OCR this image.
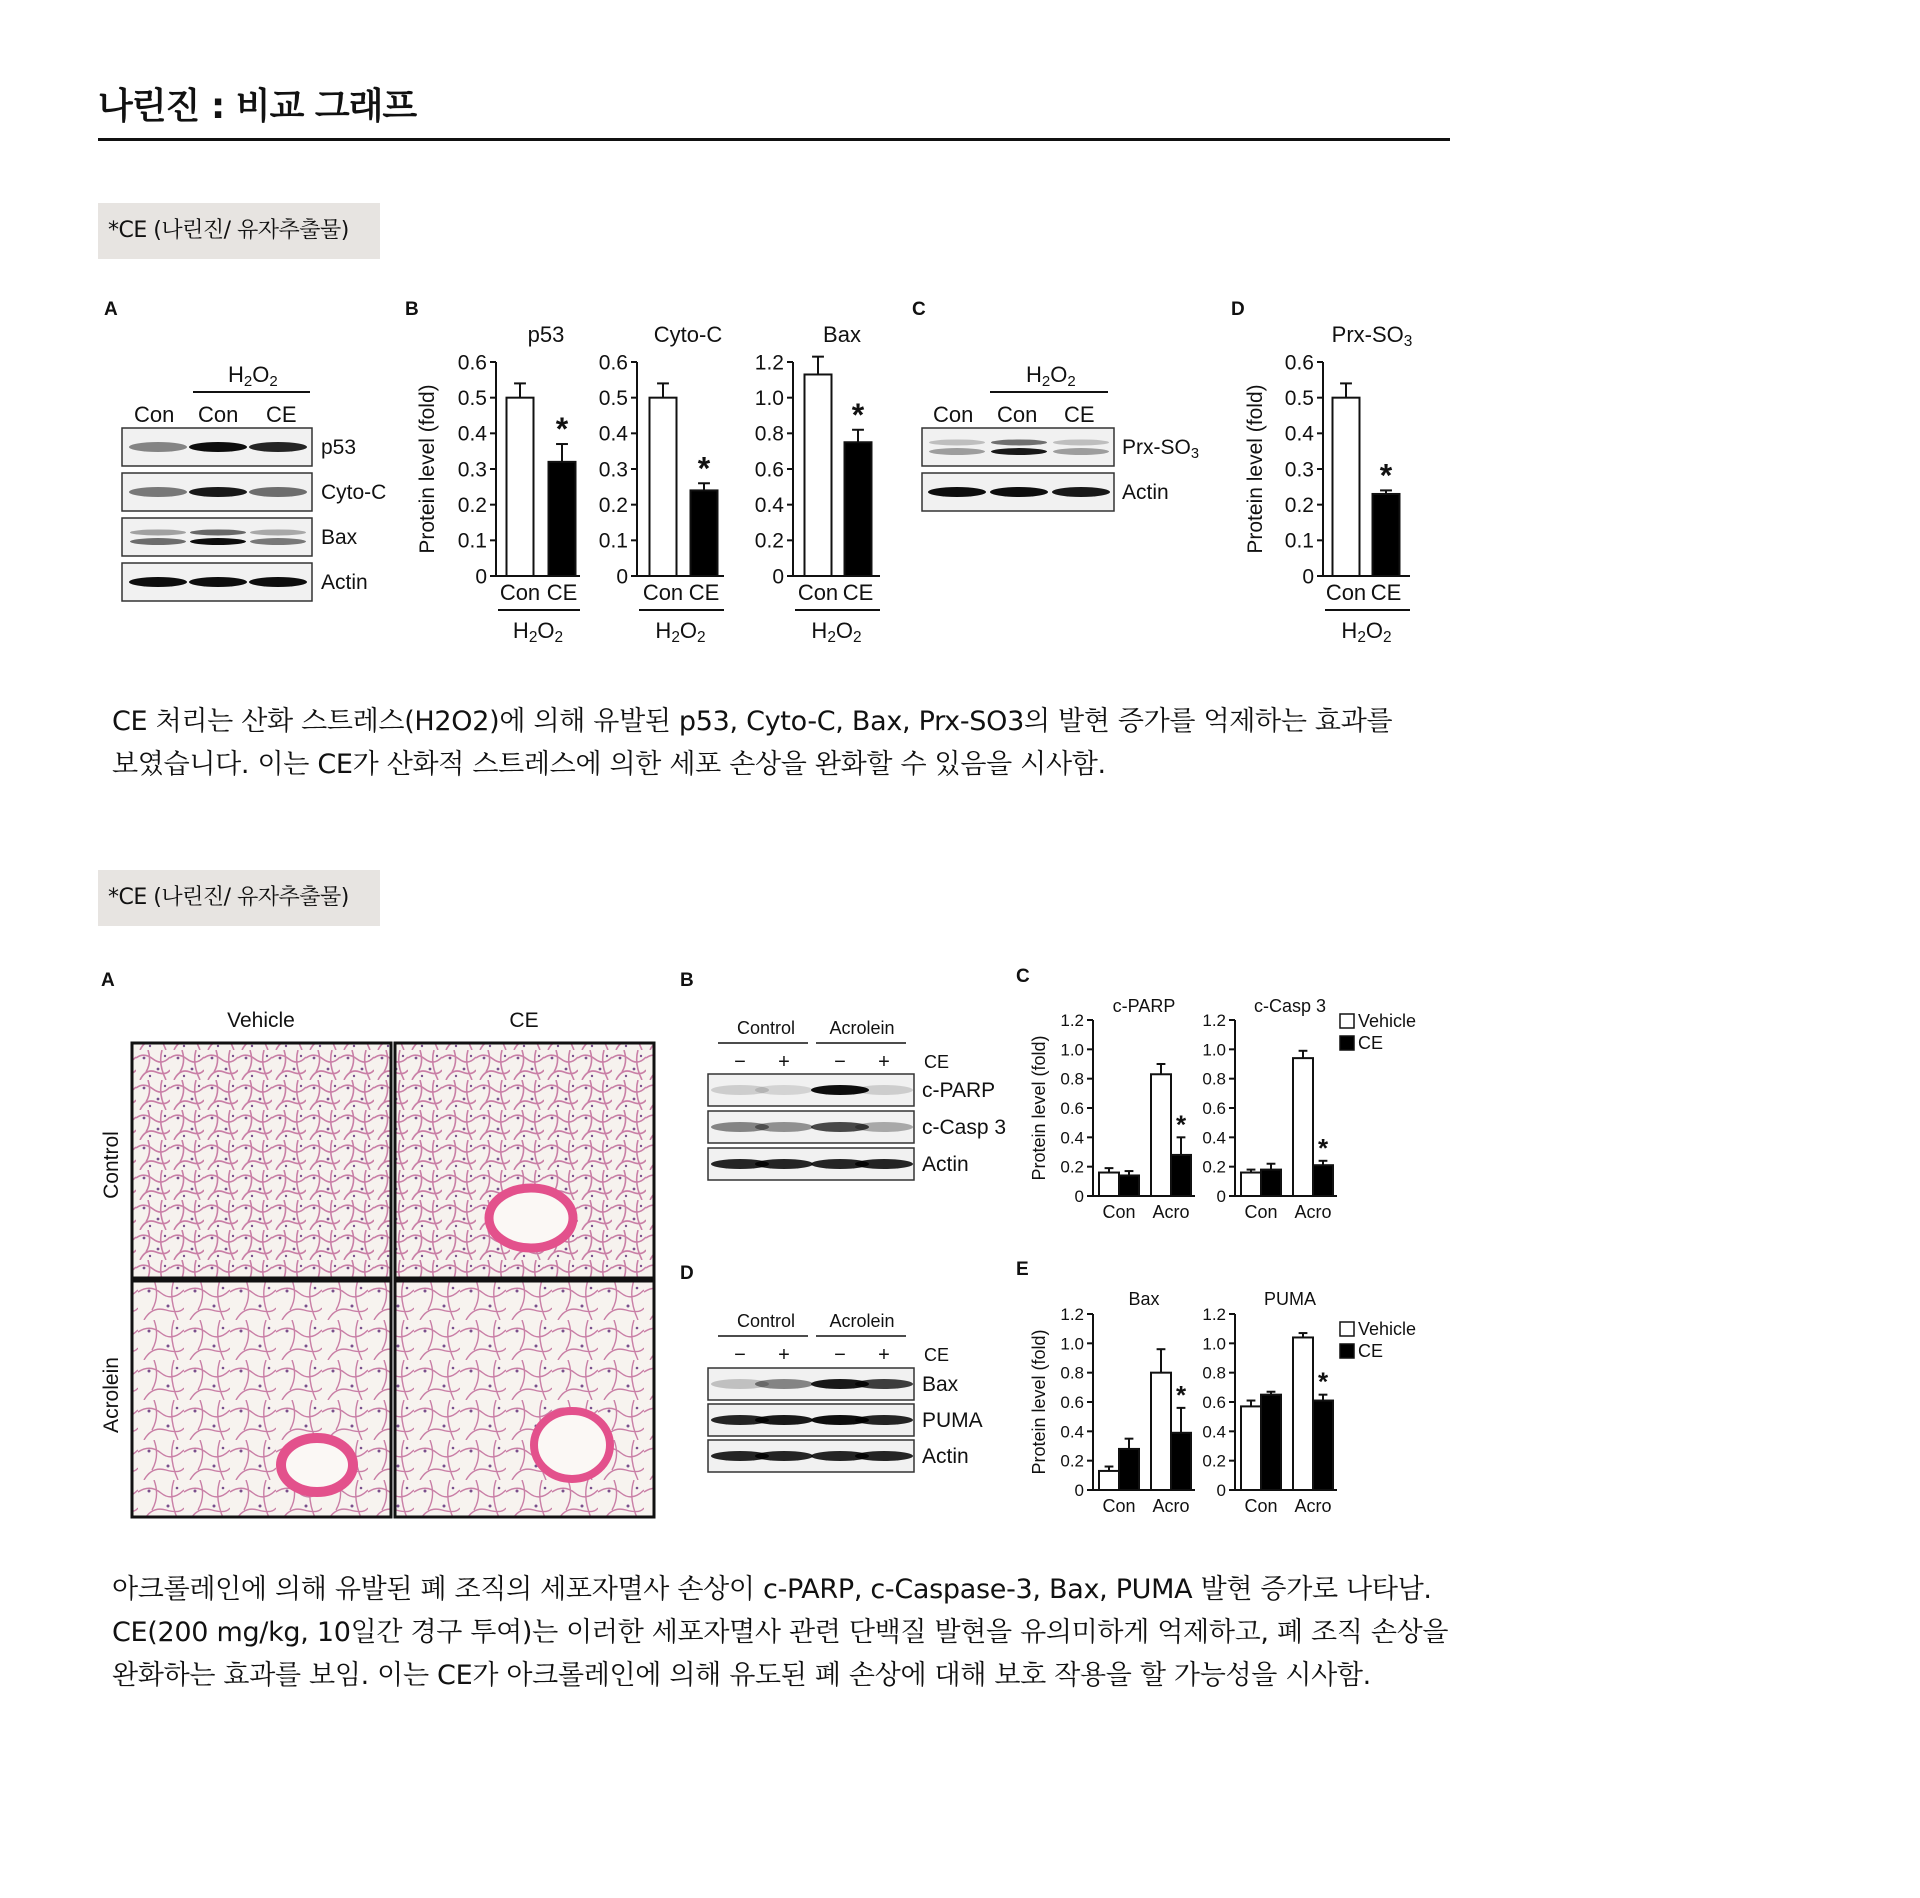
나린진 : 비교 그래프
*CE (나린진/ 유자추출물)
A	B	C	D
H2O2
Con Con CE
p53
Cyto-C
Bax
Actin
H2O2
Con Con CE
Prx-SO3
Actin
0
0.1
0.2
0.3
0.4
0.5
0.6
p53
Protein level (fold)	*
Con CE
H2O2
0
0.1
0.2
0.3
0.4
0.5
0.6
Cyto-C
*
Con CE
H2O2
0
0.2
0.4
0.6
0.8
1.0
1.2
Bax
*
Con CE
H2O2
0
0.1
0.2
0.3
0.4
0.5
0.6
Prx-SO3
Protein level (fold)	*
Con CE
H2O2
CE 처리는 산화 스트레스(H2O2)에 의해 유발된 p53, Cyto-C, Bax, Prx-SO3의 발현 증가를 억제하는 효과를
보였습니다. 이는 CE가 산화적 스트레스에 의한 세포 손상을 완화할 수 있음을 시사함.
*CE (나린진/ 유자추출물)
A	B	C
D	E
Vehicle	CE
Control
Acrolein
Control Acrolein
− + − + CE
c-PARP
c-Casp 3
Actin
Control Acrolein
− + − + CE
Bax
PUMA
Actin
0
0.2
0.4
0.6
0.8
1.0
1.2
c-PARP
Protein level (fold)
Con
*
Acro
0
0.2
0.4
0.6
0.8
1.0
1.2
c-Casp 3
Con
*
Acro
Vehicle
CE
0
0.2
0.4
0.6
0.8
1.0
1.2
Bax
Protein level (fold)
Con
*
Acro
0
0.2
0.4
0.6
0.8
1.0
1.2
PUMA
Con
*
Acro
Vehicle
CE
아크롤레인에 의해 유발된 폐 조직의 세포자멸사 손상이 c-PARP, c-Caspase-3, Bax, PUMA 발현 증가로 나타남.
CE(200 mg/kg, 10일간 경구 투여)는 이러한 세포자멸사 관련 단백질 발현을 유의미하게 억제하고, 폐 조직 손상을
완화하는 효과를 보임. 이는 CE가 아크롤레인에 의해 유도된 폐 손상에 대해 보호 작용을 할 가능성을 시사함.
